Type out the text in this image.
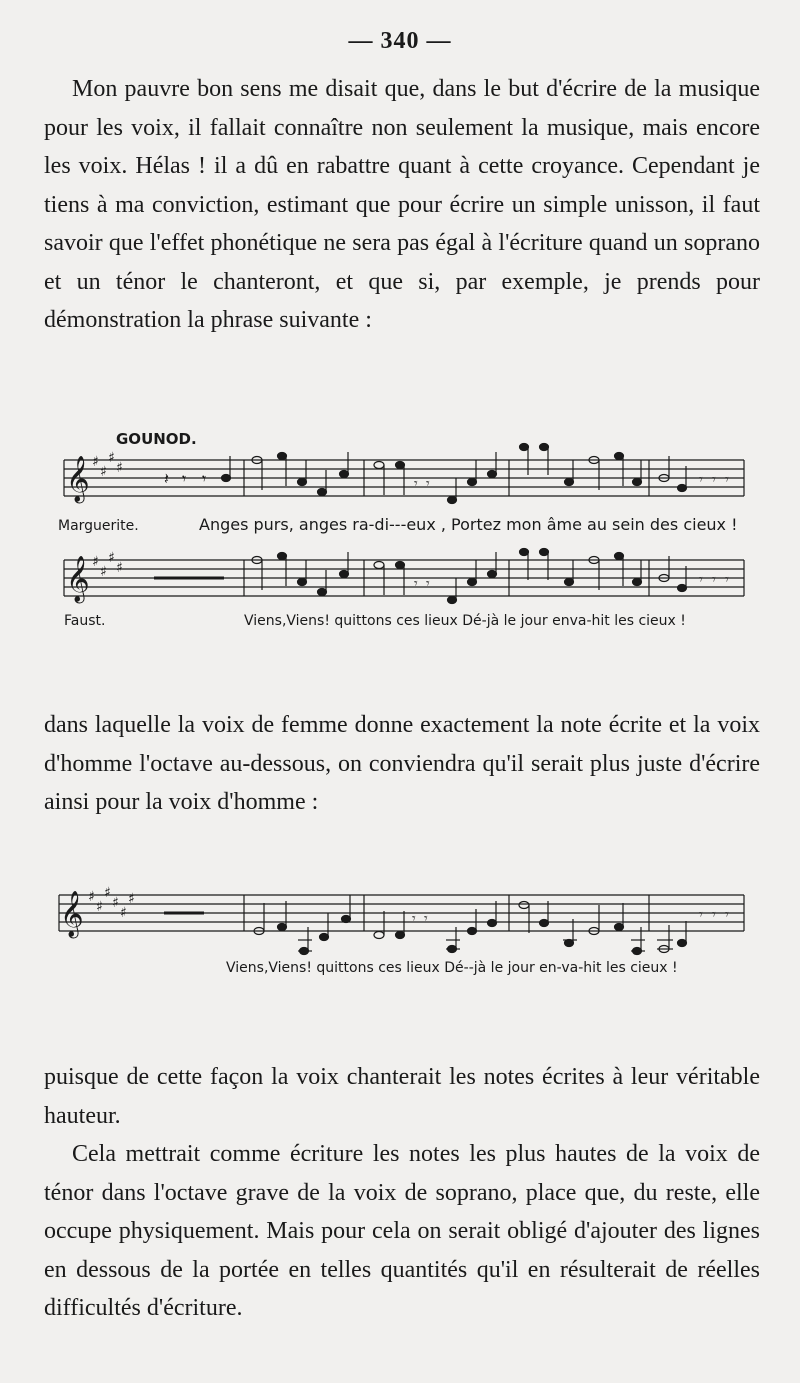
— 340 —

Mon pauvre bon sens me disait que, dans le but d'écrire de la musique pour les voix, il fallait connaître non seulement la musique, mais encore les voix. Hélas ! il a dû en rabattre quant à cette croyance. Cependant je tiens à ma conviction, estimant que pour écrire un simple unisson, il faut savoir que l'effet phonétique ne sera pas égal à l'écriture quand un soprano et un ténor le chanteront, et que si, par exemple, je prends pour démonstration la phrase suivante :

𝄞
𝄞
♯
♯
♯
♯
♯
♯
♯
♯
𝄽 𝄾 𝄾	𝄾 𝄾	𝄾 𝄾 𝄾
𝄾 𝄾	𝄾 𝄾 𝄾
GOUNOD.
Marguerite.	Anges purs, anges ra-di---eux , Portez mon âme au sein des cieux !
Faust.	Viens,Viens! quittons ces lieux Dé-jà le jour enva-hit les cieux !

dans laquelle la voix de femme donne exactement la note écrite et la voix d'homme l'octave au-dessous, on conviendra qu'il serait plus juste d'écrire ainsi pour la voix d'homme :

𝄞 ♯
♯
♯
♯
♯
♯
𝄾 𝄾	𝄾 𝄾 𝄾
Viens,Viens! quittons ces lieux Dé--jà le jour en-va-hit les cieux !

puisque de cette façon la voix chanterait les notes écrites à leur véritable hauteur.

Cela mettrait comme écriture les notes les plus hautes de la voix de ténor dans l'octave grave de la voix de soprano, place que, du reste, elle occupe physiquement. Mais pour cela on serait obligé d'ajouter des lignes en dessous de la portée en telles quantités qu'il en résulterait de réelles difficultés d'écriture.
